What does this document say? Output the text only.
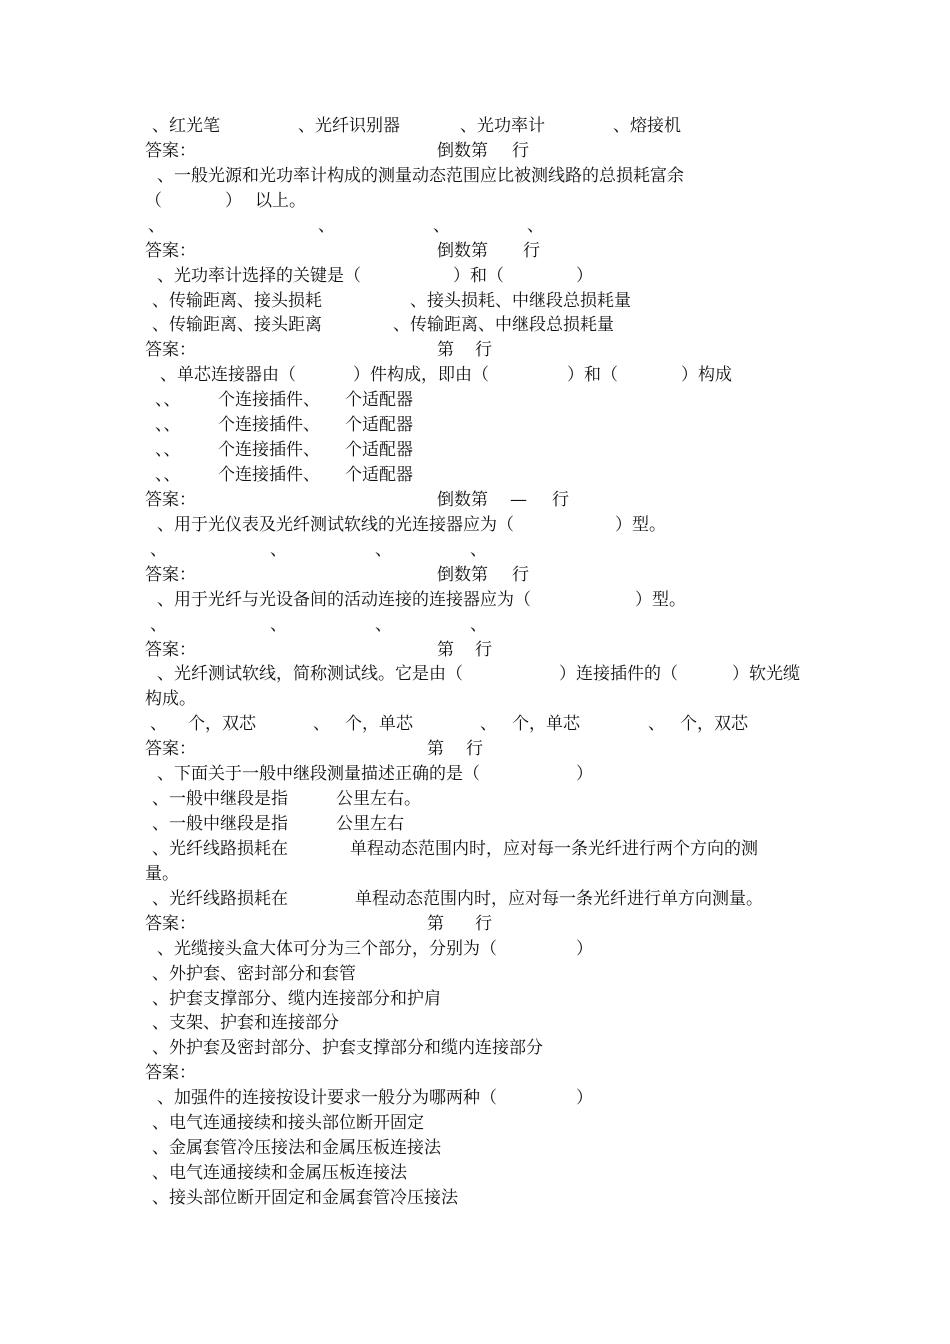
、红光笔	、光纤识别器	、光功率计	、熔接机
答案：	倒数第 行
、一般光源和光功率计构成的测量动态范围应比被测线路的总损耗富余
（	） 以上。
、	、	、	、
答案：	倒数第 行
、光功率计选择的关键是（	）和（	）
、传输距离、接头损耗	、接头损耗、中继段总损耗量
、传输距离、接头距离	、传输距离、中继段总损耗量
答案：	第 行
、单芯连接器由（	）件构成，即由（	）和（	）构成
、、 个连接插件、 个适配器
、、 个连接插件、 个适配器
、、 个连接插件、 个适配器
、、 个连接插件、 个适配器
答案：	倒数第 — 行
、用于光仪表及光纤测试软线的光连接器应为（	）型。
、	、	、	、
答案：	倒数第 行
、用于光纤与光设备间的活动连接的连接器应为（	）型。
、	、	、	、
答案：	第 行
、光纤测试软线，简称测试线。它是由（	）连接插件的（	）软光缆
构成。
、 个，双芯	、 个，单芯	、 个，单芯	、 个，双芯
答案：	第 行
、下面关于一般中继段测量描述正确的是（	）
、一般中继段是指	公里左右。
、一般中继段是指	公里左右
、光纤线路损耗在	单程动态范围内时，应对每一条光纤进行两个方向的测
量。
、光纤线路损耗在	单程动态范围内时，应对每一条光纤进行单方向测量。
答案：	第 行
、光缆接头盒大体可分为三个部分，分别为（	）
、外护套、密封部分和套管
、护套支撑部分、缆内连接部分和护肩
、支架、护套和连接部分
、外护套及密封部分、护套支撑部分和缆内连接部分
答案：
、加强件的连接按设计要求一般分为哪两种（	）
、电气连通接续和接头部位断开固定
、金属套管冷压接法和金属压板连接法
、电气连通接续和金属压板连接法
、接头部位断开固定和金属套管冷压接法
